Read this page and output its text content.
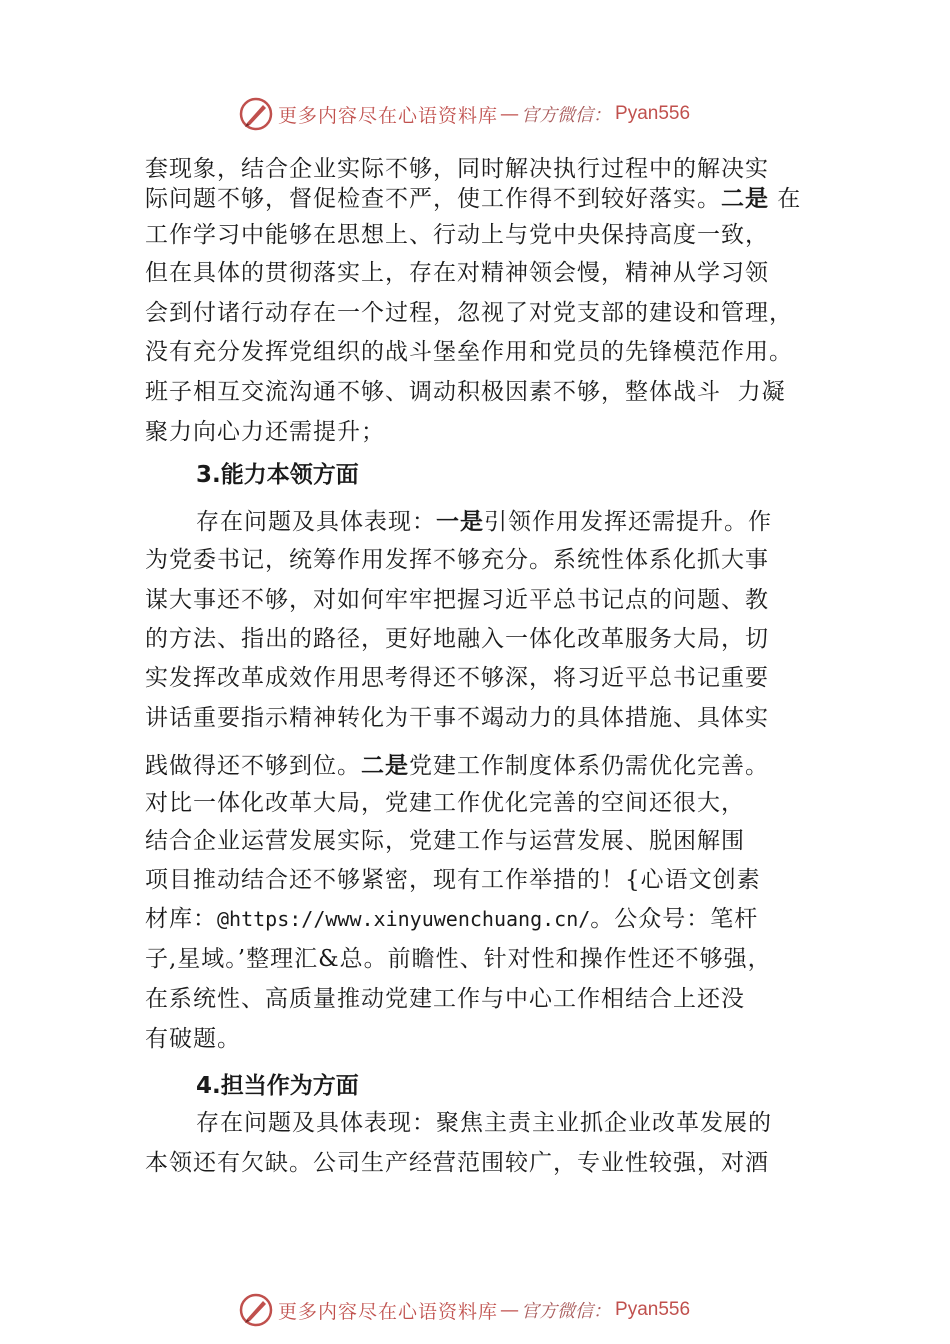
更多内容尽在心语资料库 — 官方微信： Pyan556
套现象，结合企业实际不够，同时解决执行过程中的解决实
际问题不够，督促检查不严，使工作得不到较好落实。二是 在
工作学习中能够在思想上、行动上与党中央保持高度一致，
但在具体的贯彻落实上，存在对精神领会慢，精神从学习领
会到付诸行动存在一个过程，忽视了对党支部的建设和管理，
没有充分发挥党组织的战斗堡垒作用和党员的先锋模范作用。
班子相互交流沟通不够、调动积极因素不够，整体战斗  力凝
聚力向心力还需提升；
3.能力本领方面
存在问题及具体表现：一是引领作用发挥还需提升。作
为党委书记，统筹作用发挥不够充分。系统性体系化抓大事
谋大事还不够，对如何牢牢把握习近平总书记点的问题、教
的方法、指出的路径，更好地融入一体化改革服务大局，切
实发挥改革成效作用思考得还不够深，将习近平总书记重要
讲话重要指示精神转化为干事不竭动力的具体措施、具体实
践做得还不够到位。二是党建工作制度体系仍需优化完善。
对比一体化改革大局，党建工作优化完善的空间还很大，
结合企业运营发展实际，党建工作与运营发展、脱困解围
项目推动结合还不够紧密，现有工作举措的！{心语文创素
材库：@https://www.xinyuwenchuang.cn/。公众号：笔杆
子,星域。’整理汇&总。前瞻性、针对性和操作性还不够强，
在系统性、高质量推动党建工作与中心工作相结合上还没
有破题。
4.担当作为方面
存在问题及具体表现：聚焦主责主业抓企业改革发展的
本领还有欠缺。公司生产经营范围较广，专业性较强，对酒
更多内容尽在心语资料库 — 官方微信： Pyan556
